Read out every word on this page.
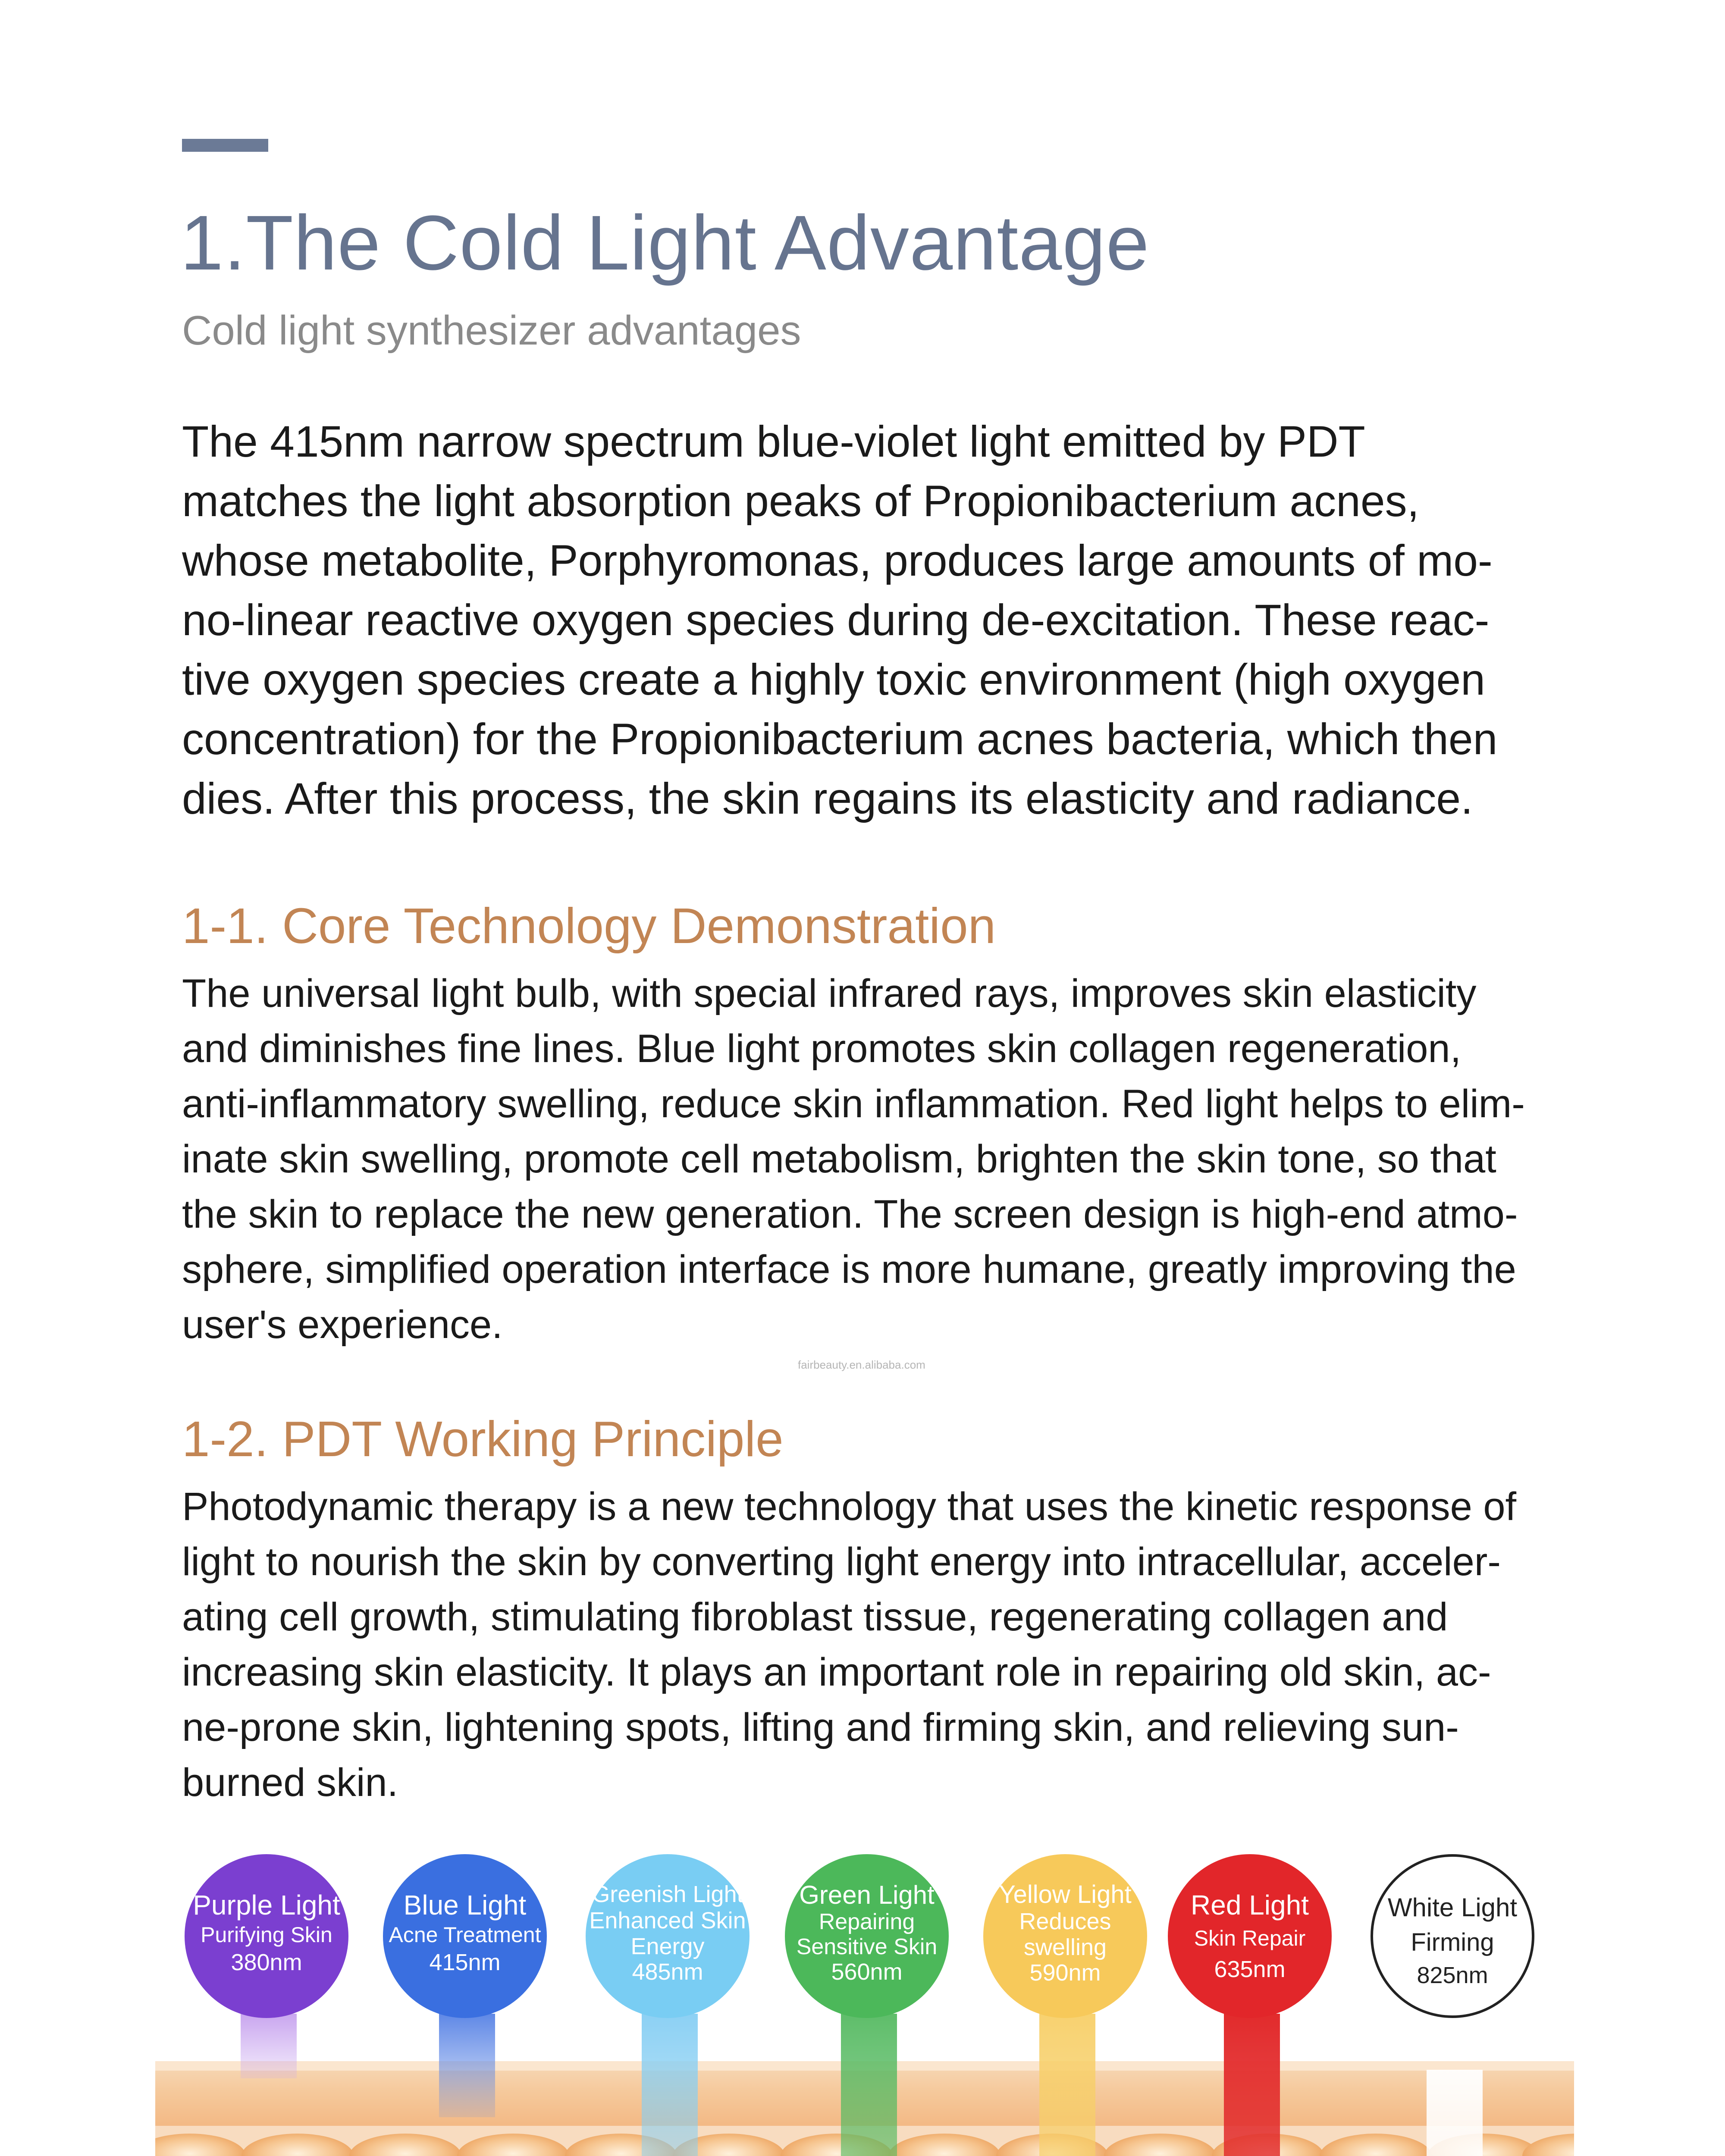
1.The Cold Light Advantage
Cold light synthesizer advantages
The 415nm narrow spectrum blue-violet light emitted by PDT
matches the light absorption peaks of Propionibacterium acnes,
whose metabolite, Porphyromonas, produces large amounts of mo-
no-linear reactive oxygen species during de-excitation. These reac-
tive oxygen species create a highly toxic environment (high oxygen
concentration) for the Propionibacterium acnes bacteria, which then
dies. After this process, the skin regains its elasticity and radiance.
1-1. Core Technology Demonstration
The universal light bulb, with special infrared rays, improves skin elasticity
and diminishes fine lines. Blue light promotes skin collagen regeneration,
anti-inflammatory swelling, reduce skin inflammation. Red light helps to elim-
inate skin swelling, promote cell metabolism, brighten the skin tone, so that
the skin to replace the new generation. The screen design is high-end atmo-
sphere, simplified operation interface is more humane, greatly improving the
user's experience.
fairbeauty.en.alibaba.com
1-2. PDT Working Principle
Photodynamic therapy is a new technology that uses the kinetic response of
light to nourish the skin by converting light energy into intracellular, acceler-
ating cell growth, stimulating fibroblast tissue, regenerating collagen and
increasing skin elasticity. It plays an important role in repairing old skin, ac-
ne-prone skin, lightening spots, lifting and firming skin, and relieving sun-
burned skin.
Purple Light
Purifying Skin
380nm
Blue Light
Acne Treatment
415nm
Greenish Light
Enhanced Skin
Energy
485nm
Green Light
Repairing
Sensitive Skin
560nm
Yellow Light
Reduces
swelling
590nm
Red Light
Skin Repair
635nm
White Light
Firming
825nm
